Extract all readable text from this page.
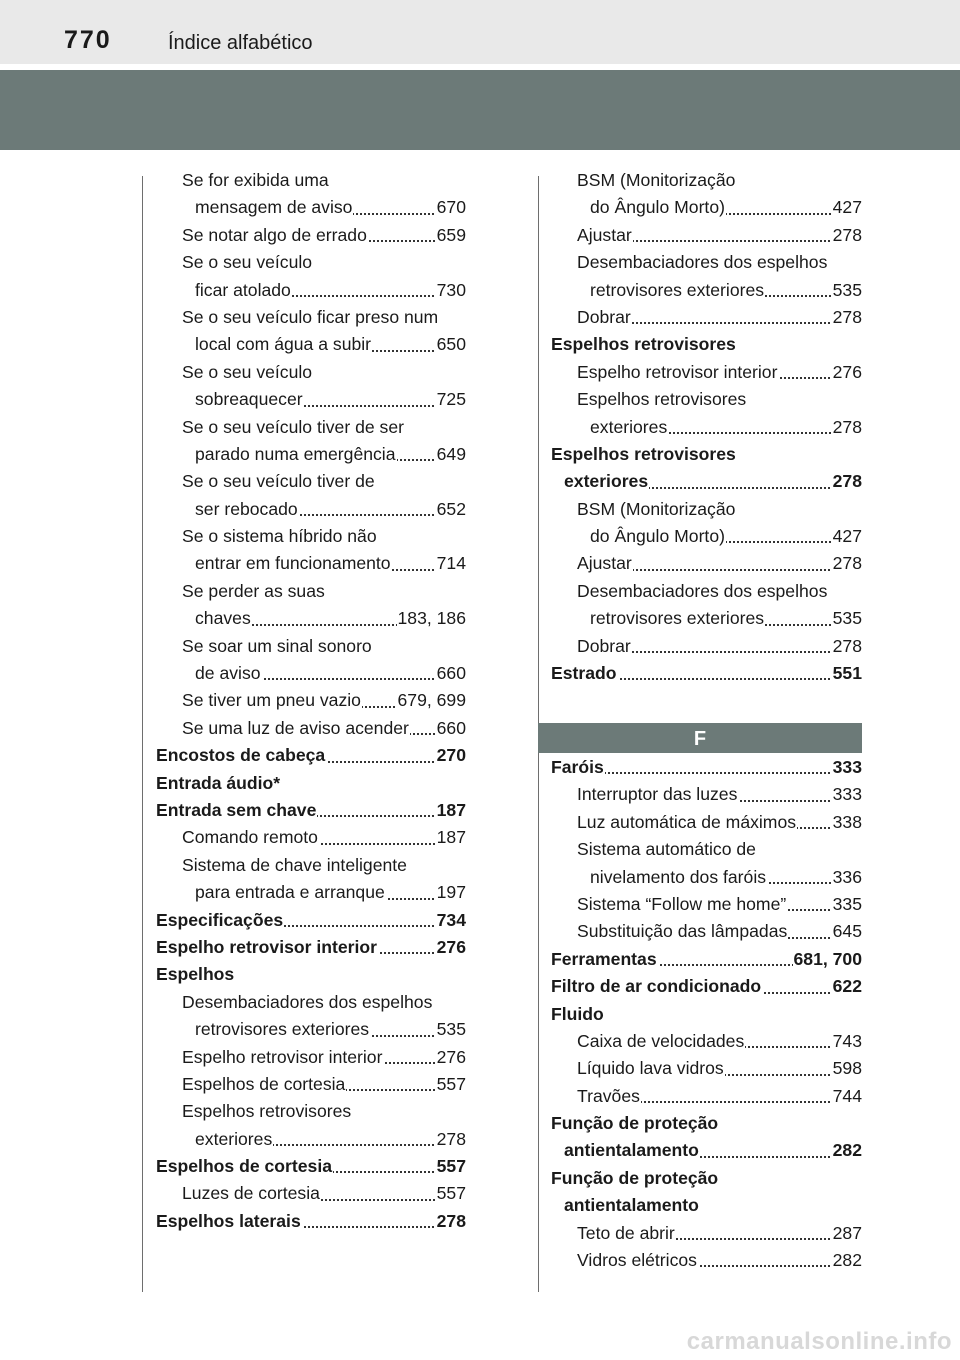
770	Índice alfabético
Se for exibida uma
mensagem de aviso	670
Se notar algo de errado	659
Se o seu veículo
ficar atolado	730
Se o seu veículo ficar preso num
local com água a subir	650
Se o seu veículo
sobreaquecer	725
Se o seu veículo tiver de ser
parado numa emergência 649
Se o seu veículo tiver de
ser rebocado	652
Se o sistema híbrido não
entrar em funcionamento	714
Se perder as suas
chaves	183, 186
Se soar um sinal sonoro
de aviso	660
Se tiver um pneu vazio 679, 699
Se uma luz de aviso acender 660
Encostos de cabeça	270
Entrada áudio*
Entrada sem chave	187
Comando remoto	187
Sistema de chave inteligente
para entrada e arranque	197
Especificações	734
Espelho retrovisor interior	276
Espelhos
Desembaciadores dos espelhos
retrovisores exteriores	535
Espelho retrovisor interior	276
Espelhos de cortesia	557
Espelhos retrovisores
exteriores	278
Espelhos de cortesia	557
Luzes de cortesia	557
Espelhos laterais	278
BSM (Monitorização
do Ângulo Morto)	427
Ajustar	278
Desembaciadores dos espelhos
retrovisores exteriores	535
Dobrar	278
Espelhos retrovisores
Espelho retrovisor interior	276
Espelhos retrovisores
exteriores	278
Espelhos retrovisores
exteriores	278
BSM (Monitorização
do Ângulo Morto)	427
Ajustar	278
Desembaciadores dos espelhos
retrovisores exteriores	535
Dobrar	278
Estrado	551
F
Faróis	333
Interruptor das luzes	333
Luz automática de máximos 338
Sistema automático de
nivelamento dos faróis	336
Sistema “Follow me home”	335
Substituição das lâmpadas	645
Ferramentas	681, 700
Filtro de ar condicionado	622
Fluido
Caixa de velocidades	743
Líquido lava vidros	598
Travões	744
Função de proteção
antientalamento	282
Função de proteção
antientalamento
Teto de abrir	287
Vidros elétricos	282
carmanualsonline.info
